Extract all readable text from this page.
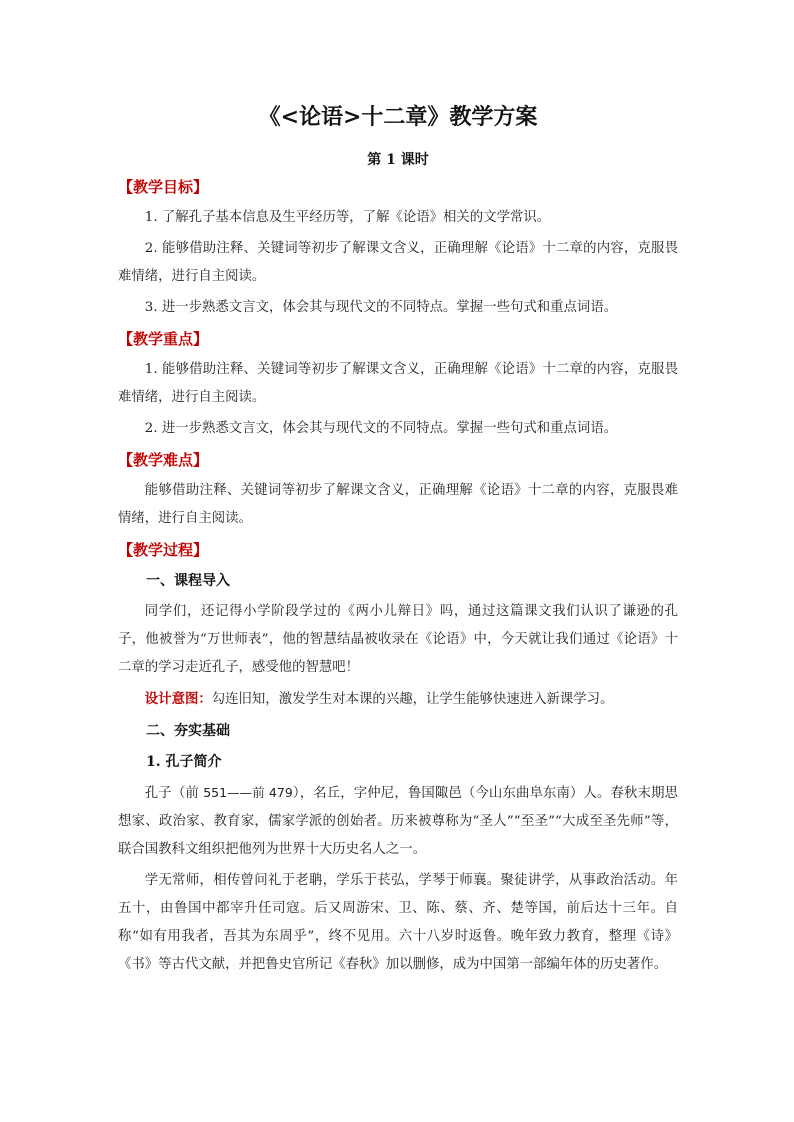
《<论语>十二章》教学方案

第 1 课时

【教学目标】

1. 了解孔子基本信息及生平经历等，了解《论语》相关的文学常识。

2. 能够借助注释、关键词等初步了解课文含义，正确理解《论语》十二章的内容，克服畏难情绪，进行自主阅读。

3. 进一步熟悉文言文，体会其与现代文的不同特点。掌握一些句式和重点词语。

【教学重点】

1. 能够借助注释、关键词等初步了解课文含义，正确理解《论语》十二章的内容，克服畏难情绪，进行自主阅读。

2. 进一步熟悉文言文，体会其与现代文的不同特点。掌握一些句式和重点词语。

【教学难点】

能够借助注释、关键词等初步了解课文含义，正确理解《论语》十二章的内容，克服畏难情绪，进行自主阅读。

【教学过程】

一、课程导入

同学们，还记得小学阶段学过的《两小儿辩日》吗，通过这篇课文我们认识了谦逊的孔子，他被誉为“万世师表”，他的智慧结晶被收录在《论语》中，今天就让我们通过《论语》十二章的学习走近孔子，感受他的智慧吧！

设计意图：勾连旧知，激发学生对本课的兴趣，让学生能够快速进入新课学习。

二、夯实基础

1. 孔子简介

孔子（前 551——前 479），名丘，字仲尼，鲁国陬邑（今山东曲阜东南）人。春秋末期思想家、政治家、教育家，儒家学派的创始者。历来被尊称为“圣人”“至圣”“大成至圣先师”等，联合国教科文组织把他列为世界十大历史名人之一。

学无常师，相传曾问礼于老聃，学乐于苌弘，学琴于师襄。聚徒讲学，从事政治活动。年五十，由鲁国中都宰升任司寇。后又周游宋、卫、陈、蔡、齐、楚等国，前后达十三年。自称“如有用我者，吾其为东周乎”，终不见用。六十八岁时返鲁。晚年致力教育，整理《诗》《书》等古代文献，并把鲁史官所记《春秋》加以删修，成为中国第一部编年体的历史著作。
